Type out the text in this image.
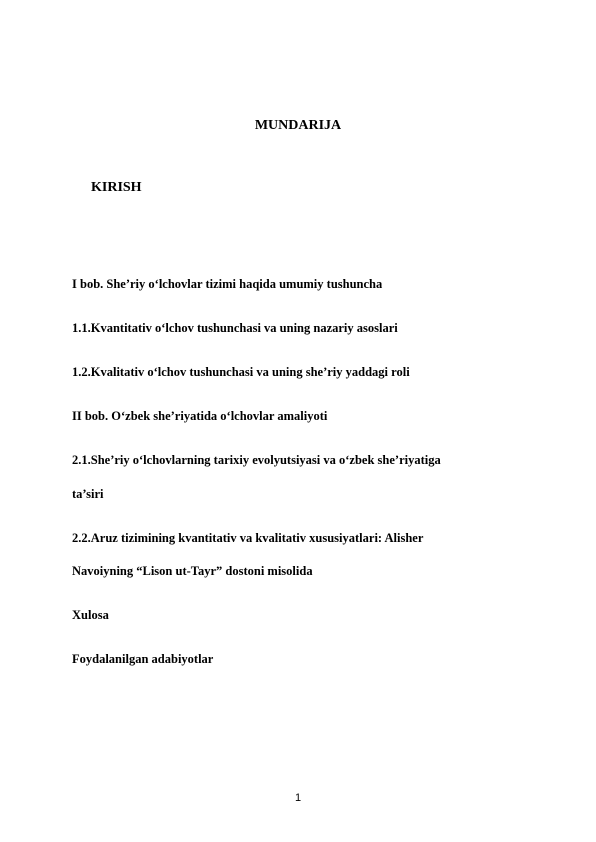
MUNDARIJA
KIRISH
I bob. She’riy o‘lchovlar tizimi haqida umumiy tushuncha
1.1.Kvantitativ o‘lchov tushunchasi va uning nazariy asoslari
1.2.Kvalitativ o‘lchov tushunchasi va uning she’riy yaddagi roli
II bob. O‘zbek she’riyatida o‘lchovlar amaliyoti
2.1.She’riy o‘lchovlarning tarixiy evolyutsiyasi va o‘zbek she’riyatiga
ta’siri
2.2.Aruz tizimining kvantitativ va kvalitativ xususiyatlari: Alisher
Navoiyning “Lison ut-Tayr” dostoni misolida
Xulosa
Foydalanilgan adabiyotlar
1
